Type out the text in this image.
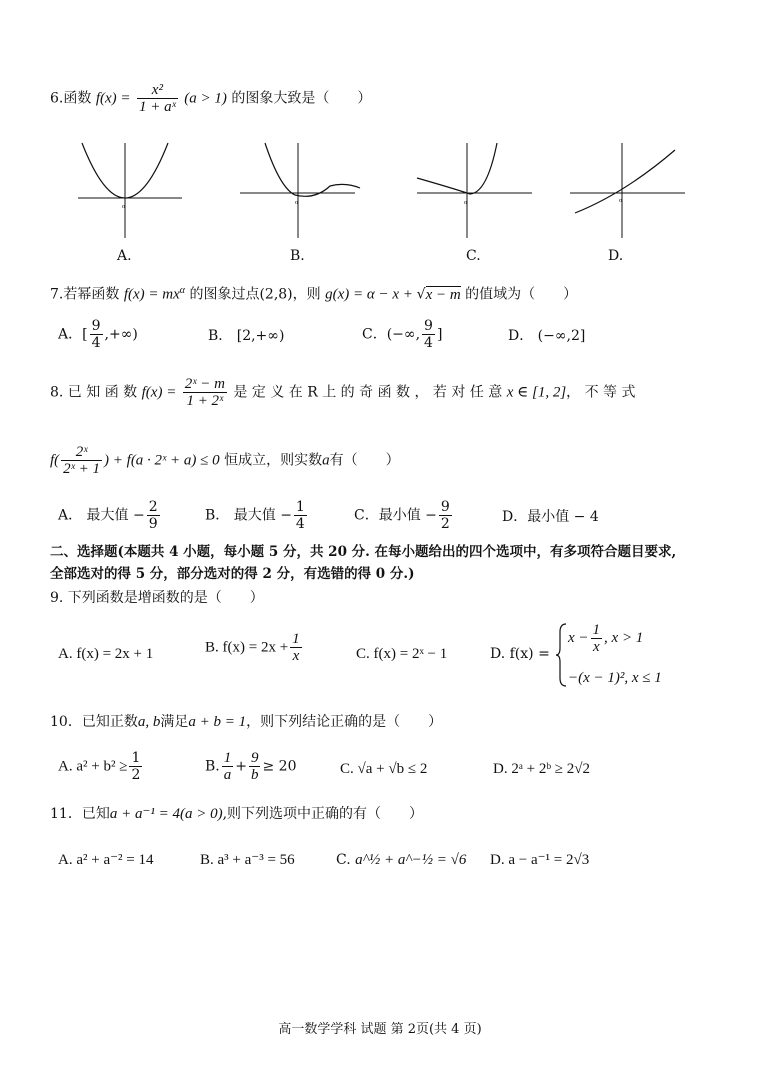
6.函数 $f(x) = \frac{\text{x²}}{\text{1 + aˣ}} (a > 1)$ 的图象大致是（　　）
o
o	o	o
A.	B.	C.	D.
7.若幂函数 $f(x) = mx^\alpha$ 的图象过点(2,8)，则 g(x) = α − x + √x − m 的值域为（　　）
A．[ $\frac{9}{4}$ ,+∞)	B． [2,+∞)	C．(−∞, $\frac{9}{4}$ ]	D． (−∞,2]
8. 已 知 函 数 $f(x) = \frac{\text{2ˣ − m}}{\text{1 + 2ˣ}}$ 是 定 义 在 R 上 的 奇 函 数 ， 若 对 任 意 x ∈ [1, 2]， 不 等 式
$f( \frac{\text{2ˣ}}{\text{2ˣ + 1}}$ ) + f(a · 2ˣ + a) ≤ 0 恒成立，则实数a有（　　）
A． 最大值 − $\frac{2}{9}$	B． 最大值 − $\frac{1}{4}$	C．最小值 − $\frac{9}{2}$	D．最小值 − 4
二、选择题(本题共 4 小题，每小题 5 分，共 20 分. 在每小题给出的四个选项中，有多项符合题目要求,
全部选对的得 5 分，部分选对的得 2 分，有选错的得 0 分.)
9. 下列函数是增函数的是（　　）
A. f(x) = 2x + 1	B. $f(x) = 2x + \frac{1}{x}$	C. f(x) = 2ˣ − 1	D. f(x) =
$x - \frac{1}{x}$ , x > 1
−(x − 1)², x ≤ 1
10．已知正数a, b满足a + b = 1，则下列结论正确的是（　　）
A. $a^2 + b^2 \ge \frac{1}{2}$	B. $\frac{1}{a} + \frac{9}{b} \ge 20$	C. √a + √b ≤ 2	D. 2ᵃ + 2ᵇ ≥ 2√2
11．已知a + a⁻¹ = 4(a > 0),则下列选项中正确的有（　　）
A. a² + a⁻² = 14	B. a³ + a⁻³ = 56	C. a^½ + a^−½ = √6 D. a − a⁻¹ = 2√3
高一数学学科 试题 第 2页(共 4 页)
